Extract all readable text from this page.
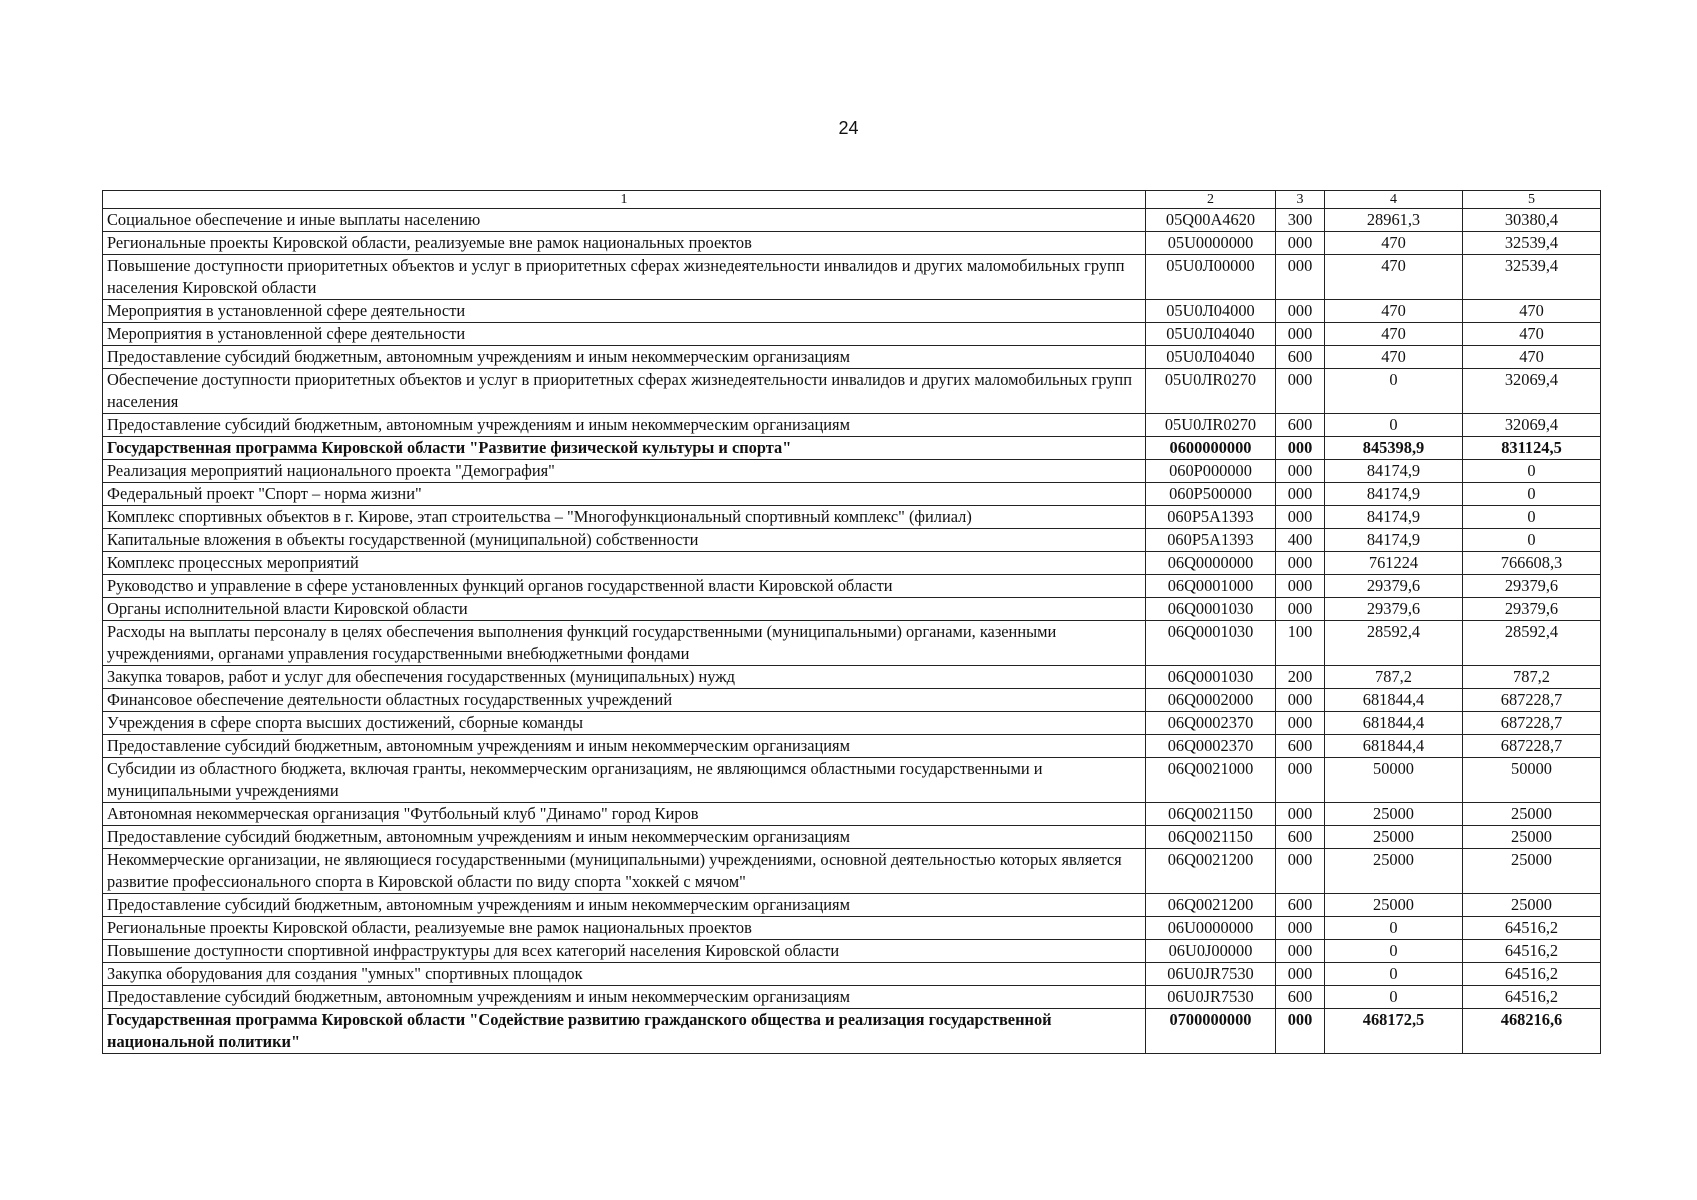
24
1	2	3	4	5
Социальное обеспечение и иные выплаты населению	05Q00A4620	300	28961,3	30380,4
Региональные проекты Кировской области, реализуемые вне рамок национальных проектов	05U0000000	000	470	32539,4
Повышение доступности приоритетных объектов и услуг в приоритетных сферах жизнедеятельности инвалидов и других маломобильных групп населения Кировской области	05U0Л00000	000	470	32539,4
Мероприятия в установленной сфере деятельности	05U0Л04000	000	470	470
Мероприятия в установленной сфере деятельности	05U0Л04040	000	470	470
Предоставление субсидий бюджетным, автономным учреждениям и иным некоммерческим организациям	05U0Л04040	600	470	470
Обеспечение доступности приоритетных объектов и услуг в приоритетных сферах жизнедеятельности инвалидов и других маломобильных групп населения	05U0ЛR0270	000	0	32069,4
Предоставление субсидий бюджетным, автономным учреждениям и иным некоммерческим организациям	05U0ЛR0270	600	0	32069,4
Государственная программа Кировской области "Развитие физической культуры и спорта"	0600000000	000	845398,9	831124,5
Реализация мероприятий национального проекта "Демография"	060P000000	000	84174,9	0
Федеральный проект "Спорт – норма жизни"	060P500000	000	84174,9	0
Комплекс спортивных объектов в г. Кирове, этап строительства – "Многофункциональный спортивный комплекс" (филиал)	060P5A1393	000	84174,9	0
Капитальные вложения в объекты государственной (муниципальной) собственности	060P5A1393	400	84174,9	0
Комплекс процессных мероприятий	06Q0000000	000	761224	766608,3
Руководство и управление в сфере установленных функций органов государственной власти Кировской области	06Q0001000	000	29379,6	29379,6
Органы исполнительной власти Кировской области	06Q0001030	000	29379,6	29379,6
Расходы на выплаты персоналу в целях обеспечения выполнения функций государственными (муниципальными) органами, казенными учреждениями, органами управления государственными внебюджетными фондами	06Q0001030	100	28592,4	28592,4
Закупка товаров, работ и услуг для обеспечения государственных (муниципальных) нужд	06Q0001030	200	787,2	787,2
Финансовое обеспечение деятельности областных государственных учреждений	06Q0002000	000	681844,4	687228,7
Учреждения в сфере спорта высших достижений, сборные команды	06Q0002370	000	681844,4	687228,7
Предоставление субсидий бюджетным, автономным учреждениям и иным некоммерческим организациям	06Q0002370	600	681844,4	687228,7
Субсидии из областного бюджета, включая гранты, некоммерческим организациям, не являющимся областными государственными и муниципальными учреждениями	06Q0021000	000	50000	50000
Автономная некоммерческая организация "Футбольный клуб "Динамо" город Киров	06Q0021150	000	25000	25000
Предоставление субсидий бюджетным, автономным учреждениям и иным некоммерческим организациям	06Q0021150	600	25000	25000
Некоммерческие организации, не являющиеся государственными (муниципальными) учреждениями, основной деятельностью которых является развитие профессионального спорта в Кировской области по виду спорта "хоккей с мячом"	06Q0021200	000	25000	25000
Предоставление субсидий бюджетным, автономным учреждениям и иным некоммерческим организациям	06Q0021200	600	25000	25000
Региональные проекты Кировской области, реализуемые вне рамок национальных проектов	06U0000000	000	0	64516,2
Повышение доступности спортивной инфраструктуры для всех категорий населения Кировской области	06U0J00000	000	0	64516,2
Закупка оборудования для создания "умных" спортивных площадок	06U0JR7530	000	0	64516,2
Предоставление субсидий бюджетным, автономным учреждениям и иным некоммерческим организациям	06U0JR7530	600	0	64516,2
Государственная программа Кировской области "Содействие развитию гражданского общества и реализация государственной национальной политики"	0700000000	000	468172,5	468216,6
